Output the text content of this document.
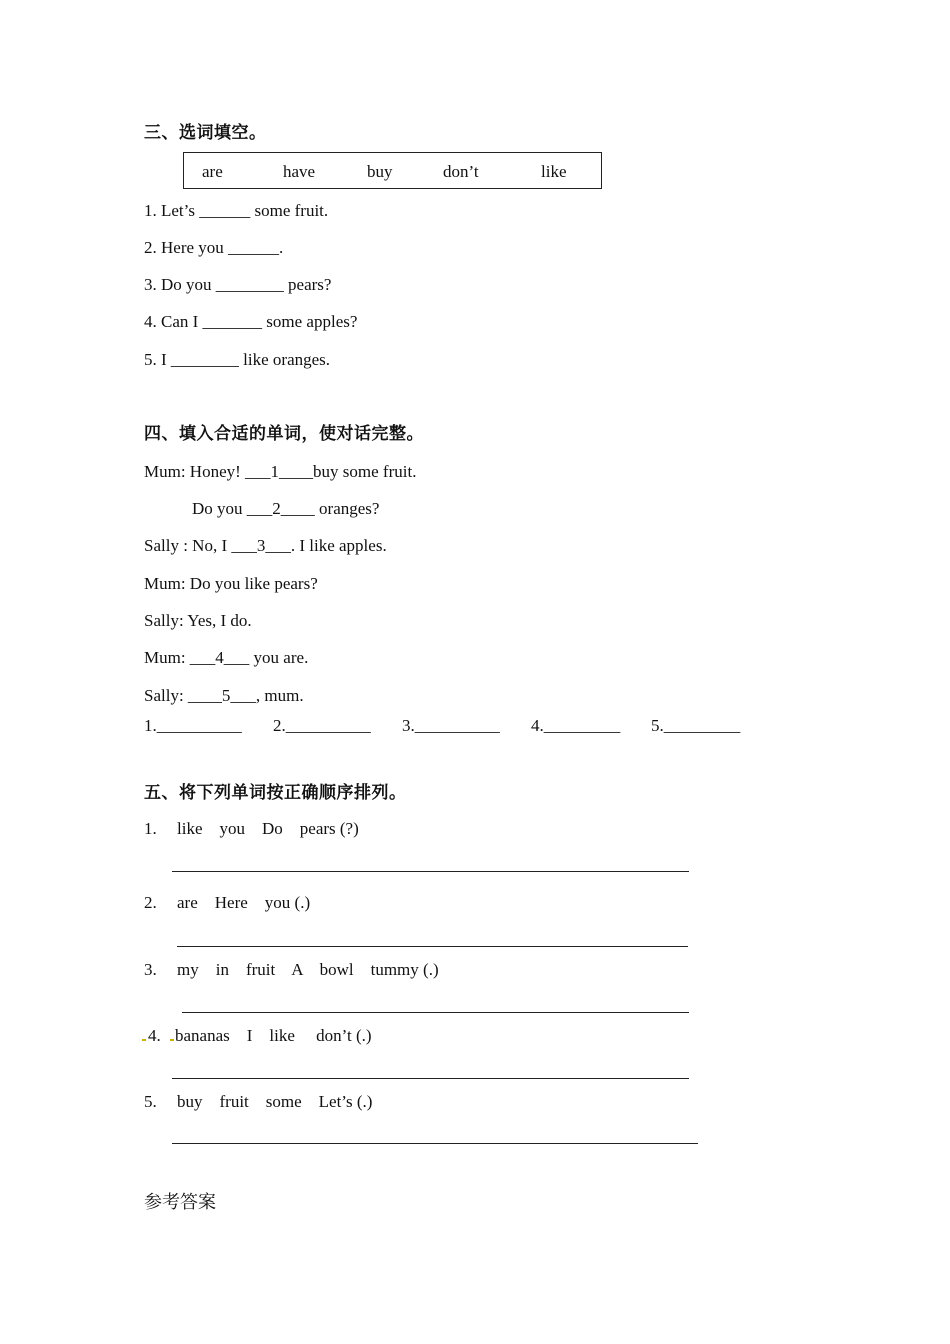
三、选词填空。
are	have	buy	don’t	like
1. Let’s ______ some fruit.
2. Here you ______.
3. Do you ________ pears?
4. Can I _______ some apples?
5. I ________ like oranges.
四、填入合适的单词，使对话完整。
Mum: Honey! ___1____buy some fruit.
Do you ___2____ oranges?
Sally : No, I ___3___. I like apples.
Mum: Do you like pears?
Sally: Yes, I do.
Mum: ___4___ you are.
Sally: ____5___, mum.
1.__________ 2.__________ 3.__________ 4._________ 5._________
五、将下列单词按正确顺序排列。
1. like    you    Do    pears (?)
2. are    Here    you (.)
3. my    in    fruit    A    bowl    tummy (.)
4. bananas    I    like     don’t (.)
5. buy    fruit    some    Let’s (.)
参考答案
